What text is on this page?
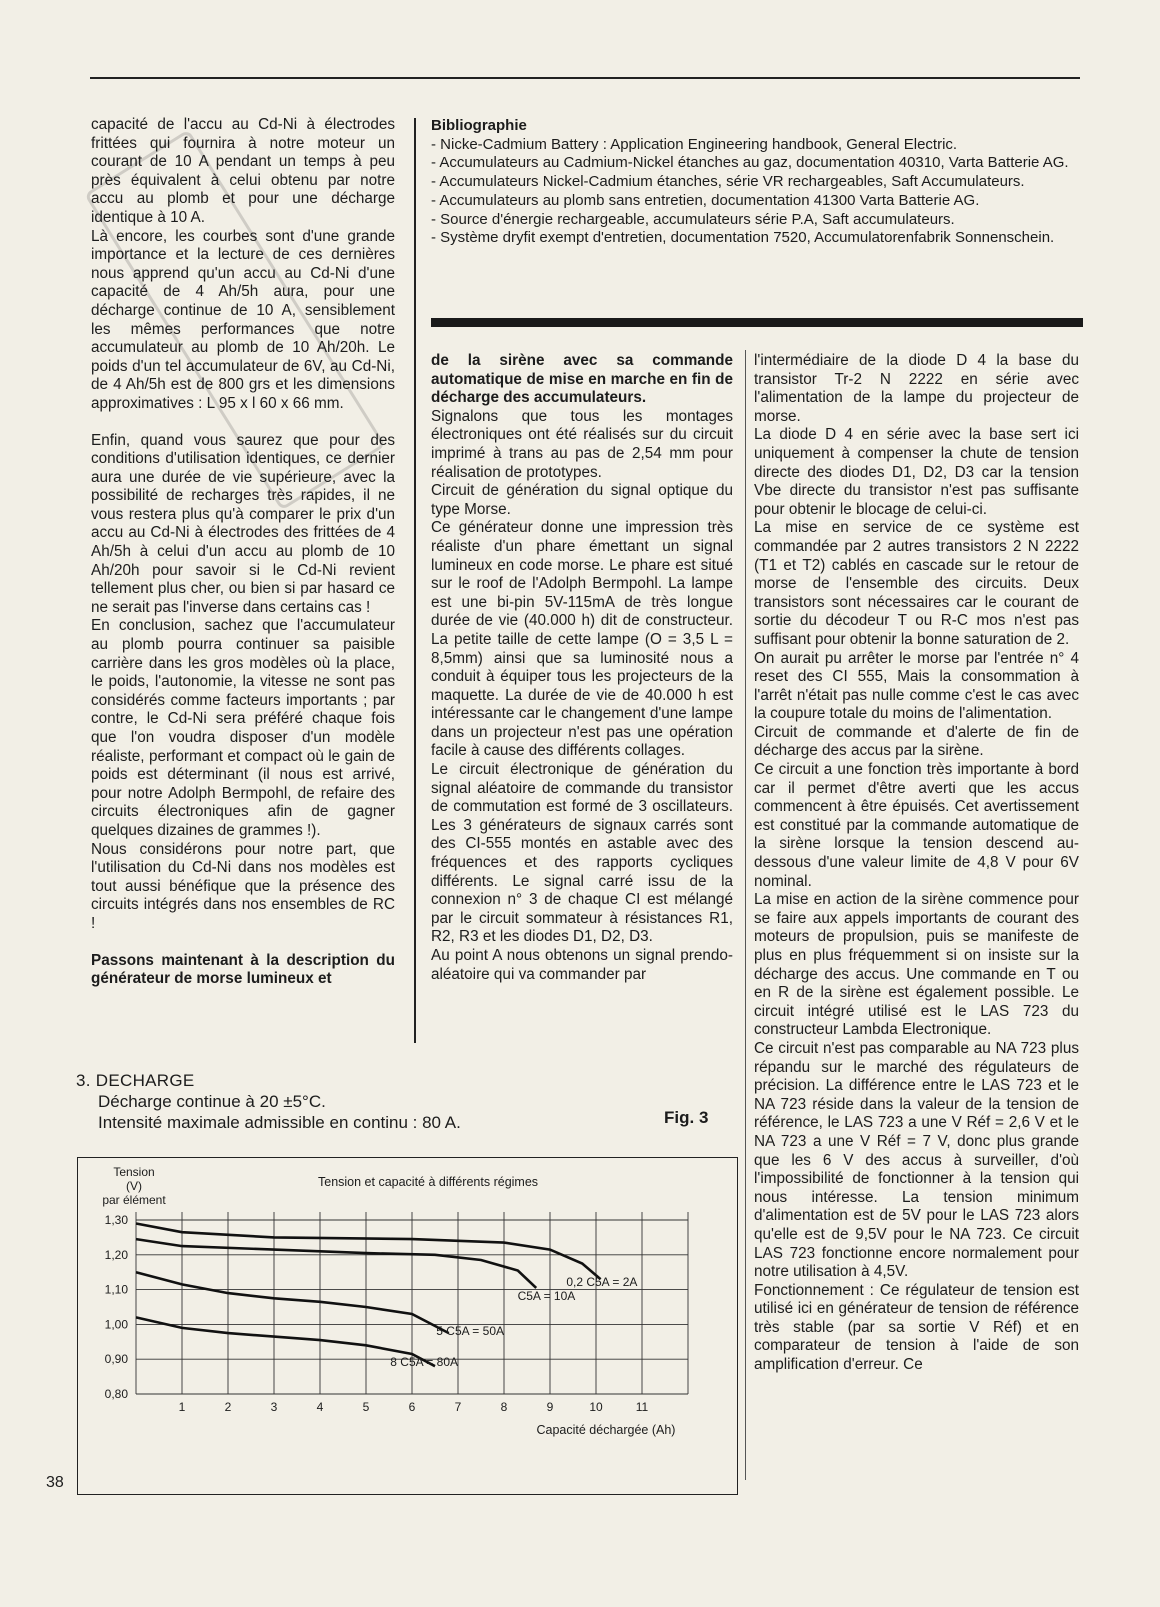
capacité de l'accu au Cd-Ni à électrodes frittées qui fournira à notre moteur un courant de 10 A pendant un temps à peu près équivalent à celui obtenu par notre accu au plomb et pour une décharge identique à 10 A.

Là encore, les courbes sont d'une grande importance et la lecture de ces dernières nous apprend qu'un accu au Cd-Ni d'une capacité de 4 Ah/5h aura, pour une décharge continue de 10 A, sensiblement les mêmes performances que notre accumulateur au plomb de 10 Ah/20h. Le poids d'un tel accumulateur de 6V, au Cd-Ni, de 4 Ah/5h est de 800 grs et les dimensions approximatives : L 95 x l 60 x 66 mm.

Enfin, quand vous saurez que pour des conditions d'utilisation identiques, ce dernier aura une durée de vie supérieure, avec la possibilité de recharges très rapides, il ne vous restera plus qu'à comparer le prix d'un accu au Cd-Ni à électrodes des frittées de 4 Ah/5h à celui d'un accu au plomb de 10 Ah/20h pour savoir si le Cd-Ni revient tellement plus cher, ou bien si par hasard ce ne serait pas l'inverse dans certains cas !

En conclusion, sachez que l'accumulateur au plomb pourra continuer sa paisible carrière dans les gros modèles où la place, le poids, l'autonomie, la vitesse ne sont pas considérés comme facteurs importants ; par contre, le Cd-Ni sera préféré chaque fois que l'on voudra disposer d'un modèle réaliste, performant et compact où le gain de poids est déterminant (il nous est arrivé, pour notre Adolph Bermpohl, de refaire des circuits électroniques afin de gagner quelques dizaines de grammes !).

Nous considérons pour notre part, que l'utilisation du Cd-Ni dans nos modèles est tout aussi bénéfique que la présence des circuits intégrés dans nos ensembles de RC !

Passons maintenant à la description du générateur de morse lumineux et

Bibliographie

- Nicke-Cadmium Battery : Application Engineering handbook, General Electric.

- Accumulateurs au Cadmium-Nickel étanches au gaz, documentation 40310, Varta Batterie AG.

- Accumulateurs Nickel-Cadmium étanches, série VR rechargeables, Saft Accumulateurs.

- Accumulateurs au plomb sans entretien, documentation 41300 Varta Batterie AG.

- Source d'énergie rechargeable, accumulateurs série P.A, Saft accumulateurs.

- Système dryfit exempt d'entretien, documentation 7520, Accumulatorenfabrik Sonnenschein.

de la sirène avec sa commande automatique de mise en marche en fin de décharge des accumulateurs.

Signalons que tous les montages électroniques ont été réalisés sur du circuit imprimé à trans au pas de 2,54 mm pour réalisation de prototypes.

Circuit de génération du signal optique du type Morse.

Ce générateur donne une impression très réaliste d'un phare émettant un signal lumineux en code morse. Le phare est situé sur le roof de l'Adolph Bermpohl. La lampe est une bi-pin 5V-115mA de très longue durée de vie (40.000 h) dit de constructeur. La petite taille de cette lampe (O = 3,5 L = 8,5mm) ainsi que sa luminosité nous a conduit à équiper tous les projecteurs de la maquette. La durée de vie de 40.000 h est intéressante car le changement d'une lampe dans un projecteur n'est pas une opération facile à cause des différents collages.

Le circuit électronique de génération du signal aléatoire de commande du transistor de commutation est formé de 3 oscillateurs. Les 3 générateurs de signaux carrés sont des CI-555 montés en astable avec des fréquences et des rapports cycliques différents. Le signal carré issu de la connexion n° 3 de chaque CI est mélangé par le circuit sommateur à résistances R1, R2, R3 et les diodes D1, D2, D3.

Au point A nous obtenons un signal prendo-aléatoire qui va commander par

l'intermédiaire de la diode D 4 la base du transistor Tr-2 N 2222 en série avec l'alimentation de la lampe du projecteur de morse.

La diode D 4 en série avec la base sert ici uniquement à compenser la chute de tension directe des diodes D1, D2, D3 car la tension Vbe directe du transistor n'est pas suffisante pour obtenir le blocage de celui-ci.

La mise en service de ce système est commandée par 2 autres transistors 2 N 2222 (T1 et T2) cablés en cascade sur le retour de morse de l'ensemble des circuits. Deux transistors sont nécessaires car le courant de sortie du décodeur T ou R-C mos n'est pas suffisant pour obtenir la bonne saturation de 2.

On aurait pu arrêter le morse par l'entrée n° 4 reset des CI 555, Mais la consommation à l'arrêt n'était pas nulle comme c'est le cas avec la coupure totale du moins de l'alimentation.

Circuit de commande et d'alerte de fin de décharge des accus par la sirène.

Ce circuit a une fonction très importante à bord car il permet d'être averti que les accus commencent à être épuisés. Cet avertissement est constitué par la commande automatique de la sirène lorsque la tension descend au-dessous d'une valeur limite de 4,8 V pour 6V nominal.

La mise en action de la sirène commence pour se faire aux appels importants de courant des moteurs de propulsion, puis se manifeste de plus en plus fréquemment si on insiste sur la décharge des accus. Une commande en T ou en R de la sirène est également possible. Le circuit intégré utilisé est le LAS 723 du constructeur Lambda Electronique.

Ce circuit n'est pas comparable au NA 723 plus répandu sur le marché des régulateurs de précision. La différence entre le LAS 723 et le NA 723 réside dans la valeur de la tension de référence, le LAS 723 a une V Réf = 2,6 V et le NA 723 a une V Réf = 7 V, donc plus grande que les 6 V des accus à surveiller, d'où l'impossibilité de fonctionner à la tension qui nous intéresse. La tension minimum d'alimentation est de 5V pour le LAS 723 alors qu'elle est de 9,5V pour le NA 723. Ce circuit LAS 723 fonctionne encore normalement pour notre utilisation à 4,5V.

Fonctionnement : Ce régulateur de tension est utilisé ici en générateur de tension de référence très stable (par sa sortie V Réf) et en comparateur de tension à l'aide de son amplification d'erreur. Ce

3. DECHARGE
Décharge continue à 20 ±5°C.
Intensité maximale admissible en continu : 80 A.	Fig. 3
Tension et capacité à différents régimes
Tension
(V)
par élément
1,30
1,20
1,10
1,00
0,90
0,80
1	2	3	4	5	6	7	8	9	10	11
Capacité déchargée (Ah)
0,2 C5A = 2A
C5A = 10A
5 C5A = 50A
8 C5A = 80A
38
